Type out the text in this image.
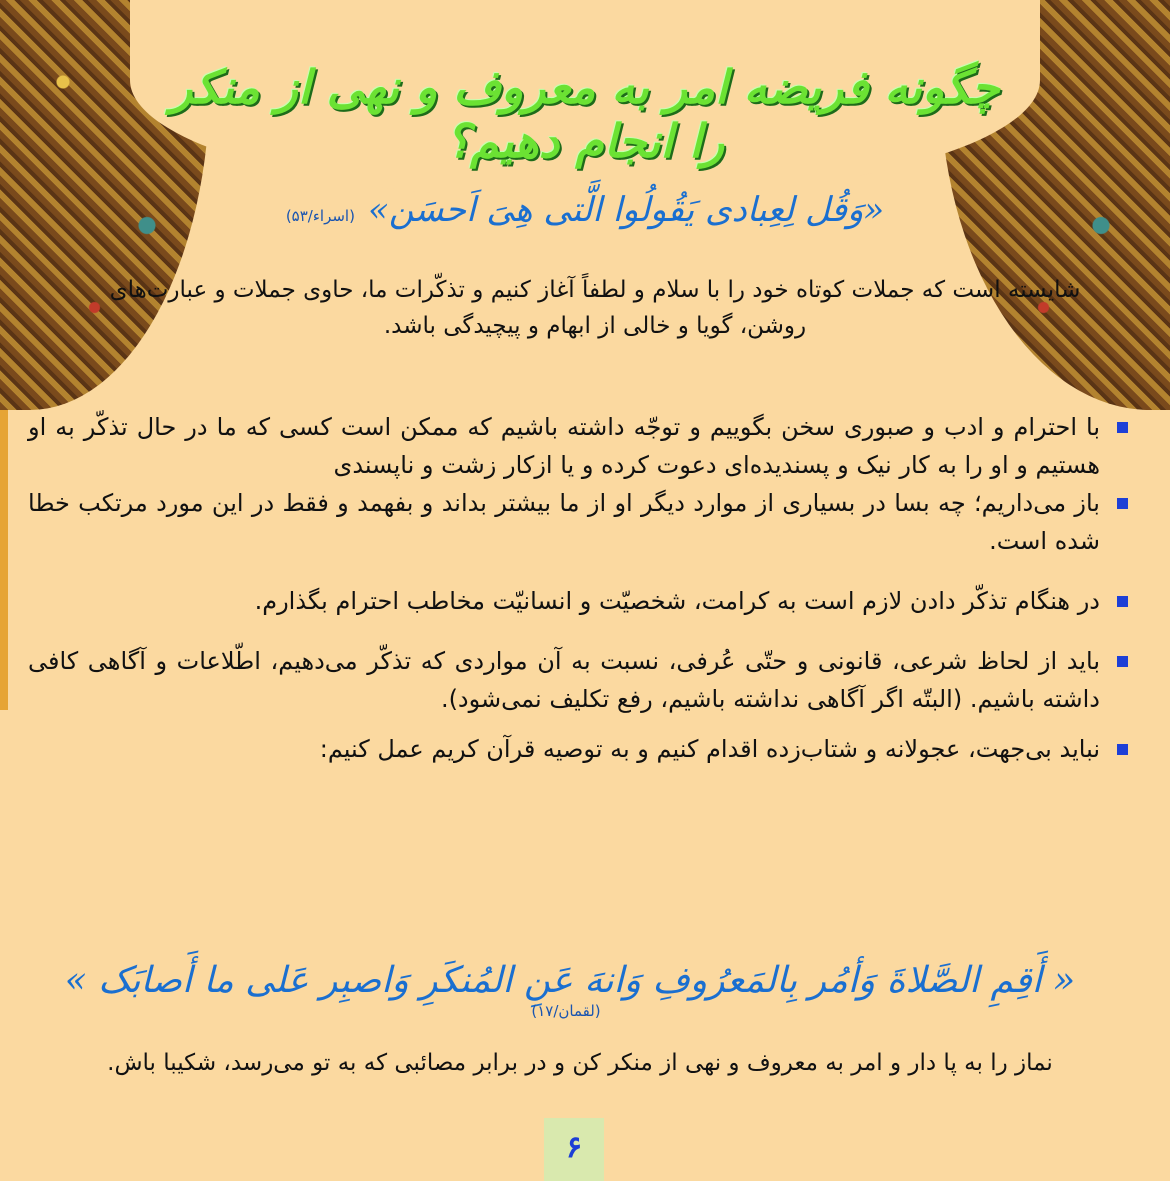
چگونه فریضه امر به معروف و نهی از منکر را انجام دهیم؟
«وَقُل لِعِبادی یَقُولُوا الَّتی هِیَ اَحسَن» (اسراء/۵۳)
شایسته است که جملات کوتاه خود را با سلام و لطفاً آغاز کنیم و تذکّرات ما، حاوی جملات و عبارت‌های روشن، گویا و خالی از ابهام و پیچیدگی باشد.
با احترام و ادب و صبوری سخن بگوییم و توجّه داشته باشیم که ممکن است کسی که ما در حال تذکّر به او هستیم و او را به کار نیک و پسندیده‌ای دعوت کرده و یا ازکار زشت و ناپسندی
باز می‌داریم؛ چه بسا در بسیاری از موارد دیگر او از ما بیشتر بداند و بفهمد و فقط در این مورد مرتکب خطا شده است.
در هنگام تذکّر دادن لازم است به کرامت، شخصیّت و انسانیّت مخاطب احترام بگذارم.
باید از لحاظ شرعی، قانونی و حتّی عُرفی، نسبت به آن مواردی که تذکّر می‌دهیم، اطّلاعات و آگاهی کافی داشته باشیم. (البتّه اگر آگاهی نداشته باشیم، رفع تکلیف نمی‌شود).
نباید بی‌جهت، عجولانه و شتاب‌زده اقدام کنیم و به توصیه قرآن کریم عمل کنیم:
« أَقِمِ الصَّلاةَ وَأمُر بِالمَعرُوفِ وَانهَ عَنِ المُنکَرِ وَاصبِر عَلی ما أَصابَک » (لقمان/۱۷)
نماز را به پا دار و امر به معروف و نهی از منکر کن و در برابر مصائبی که به تو می‌رسد، شکیبا باش.
۶
